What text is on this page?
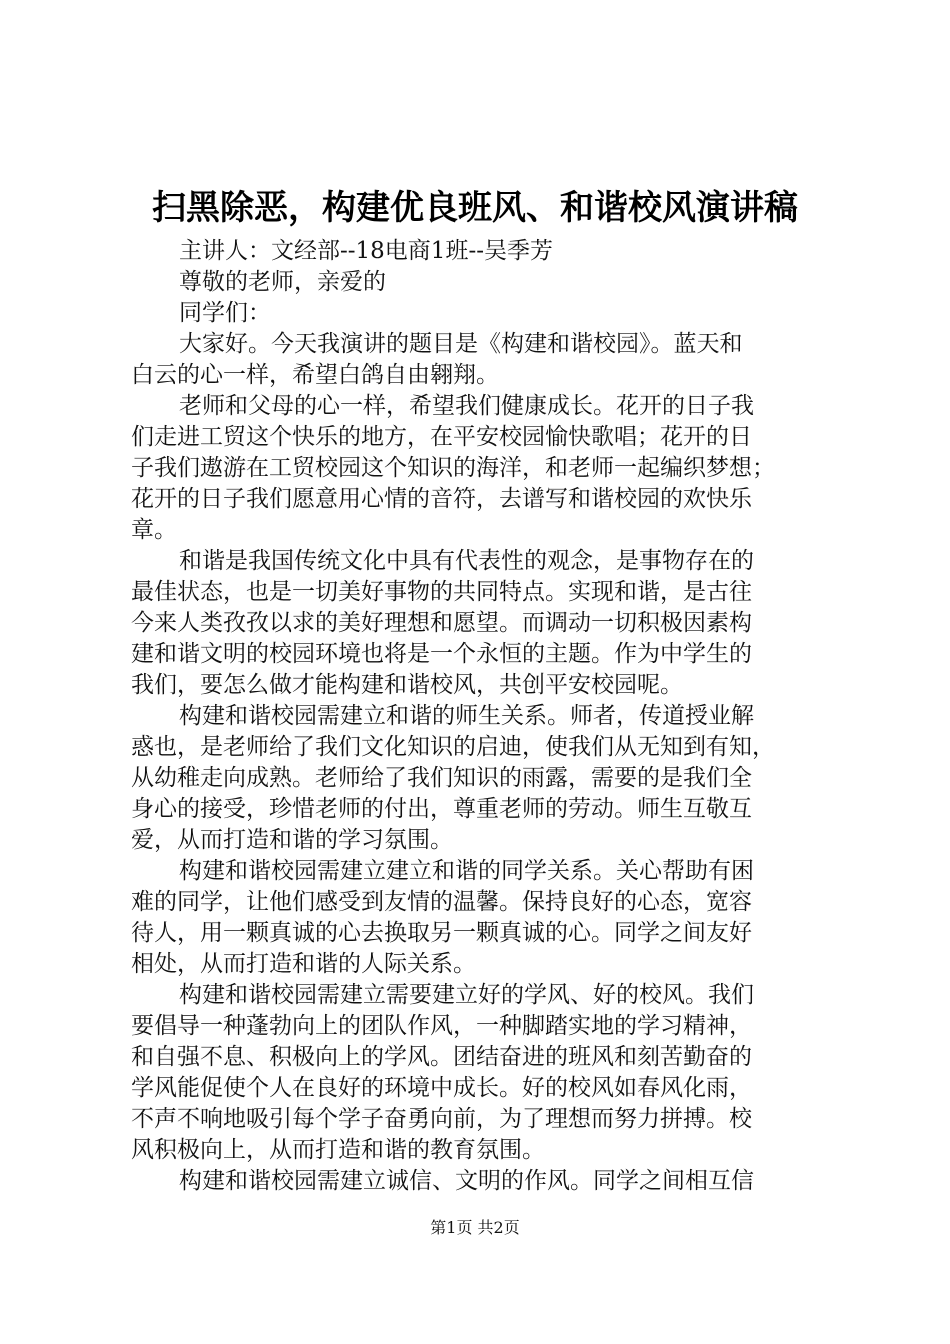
扫黑除恶，构建优良班风、和谐校风演讲稿
主讲人：文经部--18电商1班--吴季芳
尊敬的老师，亲爱的
同学们：
大家好。今天我演讲的题目是《构建和谐校园》。蓝天和
白云的心一样，希望白鸽自由翱翔。
老师和父母的心一样，希望我们健康成长。花开的日子我
们走进工贸这个快乐的地方，在平安校园愉快歌唱；花开的日
子我们遨游在工贸校园这个知识的海洋，和老师一起编织梦想；
花开的日子我们愿意用心情的音符，去谱写和谐校园的欢快乐
章。
和谐是我国传统文化中具有代表性的观念，是事物存在的
最佳状态，也是一切美好事物的共同特点。实现和谐，是古往
今来人类孜孜以求的美好理想和愿望。而调动一切积极因素构
建和谐文明的校园环境也将是一个永恒的主题。作为中学生的
我们，要怎么做才能构建和谐校风，共创平安校园呢。
构建和谐校园需建立和谐的师生关系。师者，传道授业解
惑也，是老师给了我们文化知识的启迪，使我们从无知到有知，
从幼稚走向成熟。老师给了我们知识的雨露，需要的是我们全
身心的接受，珍惜老师的付出，尊重老师的劳动。师生互敬互
爱，从而打造和谐的学习氛围。
构建和谐校园需建立建立和谐的同学关系。关心帮助有困
难的同学，让他们感受到友情的温馨。保持良好的心态，宽容
待人，用一颗真诚的心去换取另一颗真诚的心。同学之间友好
相处，从而打造和谐的人际关系。
构建和谐校园需建立需要建立好的学风、好的校风。我们
要倡导一种蓬勃向上的团队作风，一种脚踏实地的学习精神，
和自强不息、积极向上的学风。团结奋进的班风和刻苦勤奋的
学风能促使个人在良好的环境中成长。好的校风如春风化雨，
不声不响地吸引每个学子奋勇向前，为了理想而努力拼搏。校
风积极向上，从而打造和谐的教育氛围。
构建和谐校园需建立诚信、文明的作风。同学之间相互信
第1页 共2页
